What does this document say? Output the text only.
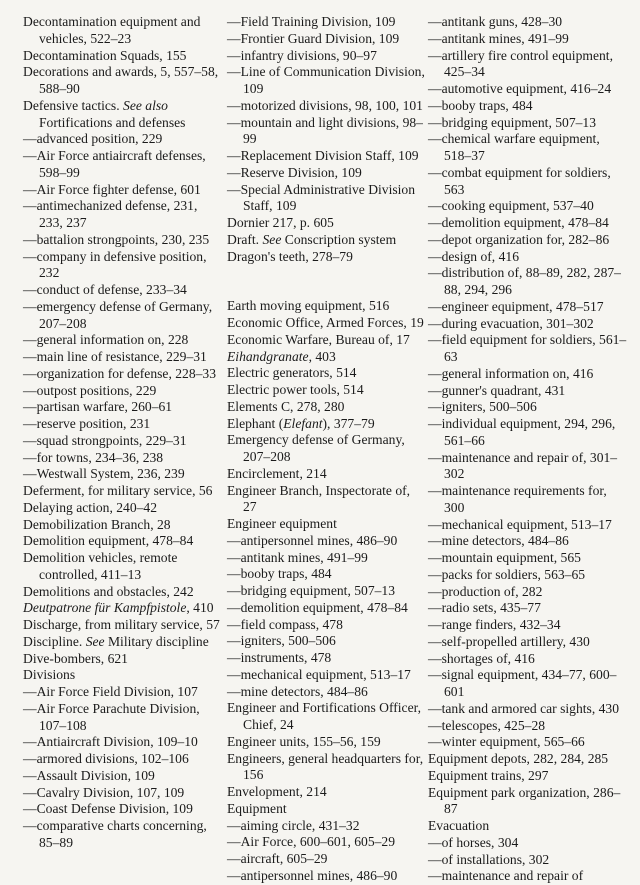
Decontamination equipment and vehicles, 522–23
Decontamination Squads, 155
Decorations and awards, 5, 557–58, 588–90
Defensive tactics. See also Fortifications and defenses
—advanced position, 229
—Air Force antiaircraft defenses, 598–99
—Air Force fighter defense, 601
—antimechanized defense, 231, 233, 237
—battalion strongpoints, 230, 235
—company in defensive position, 232
—conduct of defense, 233–34
—emergency defense of Germany, 207–208
—general information on, 228
—main line of resistance, 229–31
—organization for defense, 228–33
—outpost positions, 229
—partisan warfare, 260–61
—reserve position, 231
—squad strongpoints, 229–31
—for towns, 234–36, 238
—Westwall System, 236, 239
Deferment, for military service, 56
Delaying action, 240–42
Demobilization Branch, 28
Demolition equipment, 478–84
Demolition vehicles, remote controlled, 411–13
Demolitions and obstacles, 242
Deutpatrone für Kampfpistole, 410
Discharge, from military service, 57
Discipline. See Military discipline
Dive-bombers, 621
Divisions
—Air Force Field Division, 107
—Air Force Parachute Division, 107–108
—Antiaircraft Division, 109–10
—armored divisions, 102–106
—Assault Division, 109
—Cavalry Division, 107, 109
—Coast Defense Division, 109
—comparative charts concerning, 85–89
—Field Training Division, 109
—Frontier Guard Division, 109
—infantry divisions, 90–97
—Line of Communication Division, 109
—motorized divisions, 98, 100, 101
—mountain and light divisions, 98–99
—Replacement Division Staff, 109
—Reserve Division, 109
—Special Administrative Division Staff, 109
Dornier 217, p. 605
Draft. See Conscription system
Dragon's teeth, 278–79
Earth moving equipment, 516
Economic Office, Armed Forces, 19
Economic Warfare, Bureau of, 17
Eihandgranate, 403
Electric generators, 514
Electric power tools, 514
Elements C, 278, 280
Elephant (Elefant), 377–79
Emergency defense of Germany, 207–208
Encirclement, 214
Engineer Branch, Inspectorate of, 27
Engineer equipment
—antipersonnel mines, 486–90
—antitank mines, 491–99
—booby traps, 484
—bridging equipment, 507–13
—demolition equipment, 478–84
—field compass, 478
—igniters, 500–506
—instruments, 478
—mechanical equipment, 513–17
—mine detectors, 484–86
Engineer and Fortifications Officer, Chief, 24
Engineer units, 155–56, 159
Engineers, general headquarters for, 156
Envelopment, 214
Equipment
—aiming circle, 431–32
—Air Force, 600–601, 605–29
—aircraft, 605–29
—antipersonnel mines, 486–90
—antitank guns, 428–30
—antitank mines, 491–99
—artillery fire control equipment, 425–34
—automotive equipment, 416–24
—booby traps, 484
—bridging equipment, 507–13
—chemical warfare equipment, 518–37
—combat equipment for soldiers, 563
—cooking equipment, 537–40
—demolition equipment, 478–84
—depot organization for, 282–86
—design of, 416
—distribution of, 88–89, 282, 287–88, 294, 296
—engineer equipment, 478–517
—during evacuation, 301–302
—field equipment for soldiers, 561–63
—general information on, 416
—gunner's quadrant, 431
—igniters, 500–506
—individual equipment, 294, 296, 561–66
—maintenance and repair of, 301–302
—maintenance requirements for, 300
—mechanical equipment, 513–17
—mine detectors, 484–86
—mountain equipment, 565
—packs for soldiers, 563–65
—production of, 282
—radio sets, 435–77
—range finders, 432–34
—self-propelled artillery, 430
—shortages of, 416
—signal equipment, 434–77, 600–601
—tank and armored car sights, 430
—telescopes, 425–28
—winter equipment, 565–66
Equipment depots, 282, 284, 285
Equipment trains, 297
Equipment park organization, 286–87
Evacuation
—of horses, 304
—of installations, 302
—maintenance and repair of
